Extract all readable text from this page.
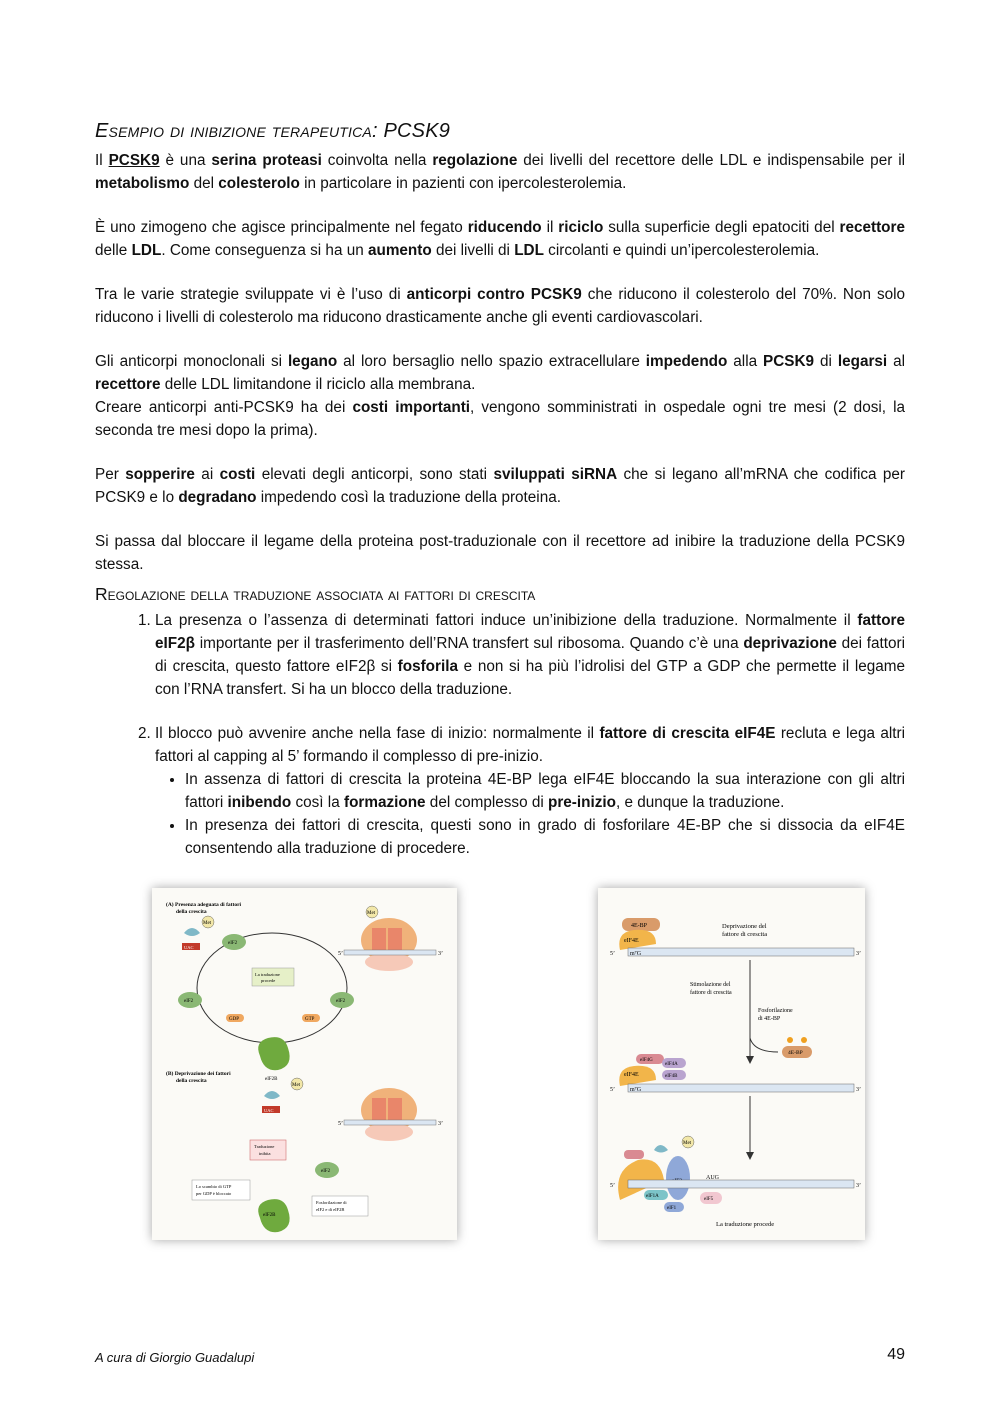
Esempio di inibizione terapeutica: PCSK9

Il PCSK9 è una serina proteasi coinvolta nella regolazione dei livelli del recettore delle LDL e indispensabile per il metabolismo del colesterolo in particolare in pazienti con ipercolesterolemia.

È uno zimogeno che agisce principalmente nel fegato riducendo il riciclo sulla superficie degli epatociti del recettore delle LDL. Come conseguenza si ha un aumento dei livelli di LDL circolanti e quindi un’ipercolesterolemia.

Tra le varie strategie sviluppate vi è l’uso di anticorpi contro PCSK9 che riducono il colesterolo del 70%. Non solo riducono i livelli di colesterolo ma riducono drasticamente anche gli eventi cardiovascolari.

Gli anticorpi monoclonali si legano al loro bersaglio nello spazio extracellulare impedendo alla PCSK9 di legarsi al recettore delle LDL limitandone il riciclo alla membrana.

Creare anticorpi anti-PCSK9 ha dei costi importanti, vengono somministrati in ospedale ogni tre mesi (2 dosi, la seconda tre mesi dopo la prima).

Per sopperire ai costi elevati degli anticorpi, sono stati sviluppati siRNA che si legano all’mRNA che codifica per PCSK9 e lo degradano impedendo così la traduzione della proteina.

Si passa dal bloccare il legame della proteina post-traduzionale con il recettore ad inibire la traduzione della PCSK9 stessa.

Regolazione della traduzione associata ai fattori di crescita
1. La presenza o l’assenza di determinati fattori induce un’inibizione della traduzione. Normalmente il fattore eIF2β importante per il trasferimento dell’RNA transfert sul ribosoma. Quando c’è una deprivazione dei fattori di crescita, questo fattore eIF2β si fosforila e non si ha più l’idrolisi del GTP a GDP che permette il legame con l’RNA transfert. Si ha un blocco della traduzione.
2. Il blocco può avvenire anche nella fase di inizio: normalmente il fattore di crescita eIF4E recluta e lega altri fattori al capping al 5’ formando il complesso di pre-inizio.
• In assenza di fattori di crescita la proteina 4E-BP lega eIF4E bloccando la sua interazione con gli altri fattori inibendo così la formazione del complesso di pre-inizio, e dunque la traduzione.
• In presenza dei fattori di crescita, questi sono in grado di fosforilare 4E-BP che si dissocia da eIF4E consentendo alla traduzione di procedere.
(A) Presenza adeguata di fattori
della crescita
5’	3’
Met
UAC
Met
La traduzione
procede
eIF2
eIF2	eIF2
GDP	GTP
eIF2B
(B) Deprivazione dei fattori
della crescita
5’	3’
UAC
Met
Traduzione
inibita
eIF2
Lo scambio di GTP
per GDP è bloccato
Fosforilazione di
eIF2 e di eIF2B
eIF2B
4E-BP
eIF4E
m⁷G
5’	3’
Deprivazione del
fattore di crescita
Stimolazione del
fattore di crescita
Fosforilazione
di 4E-BP
4E-BP
eIF4G
eIF4A
eIF4B
eIF4E
m⁷G
5’	3’
Met
5’	3’
AUG
eIF1A
eIF1
eIF5
La traduzione procede
A cura di Giorgio Guadalupi	49
